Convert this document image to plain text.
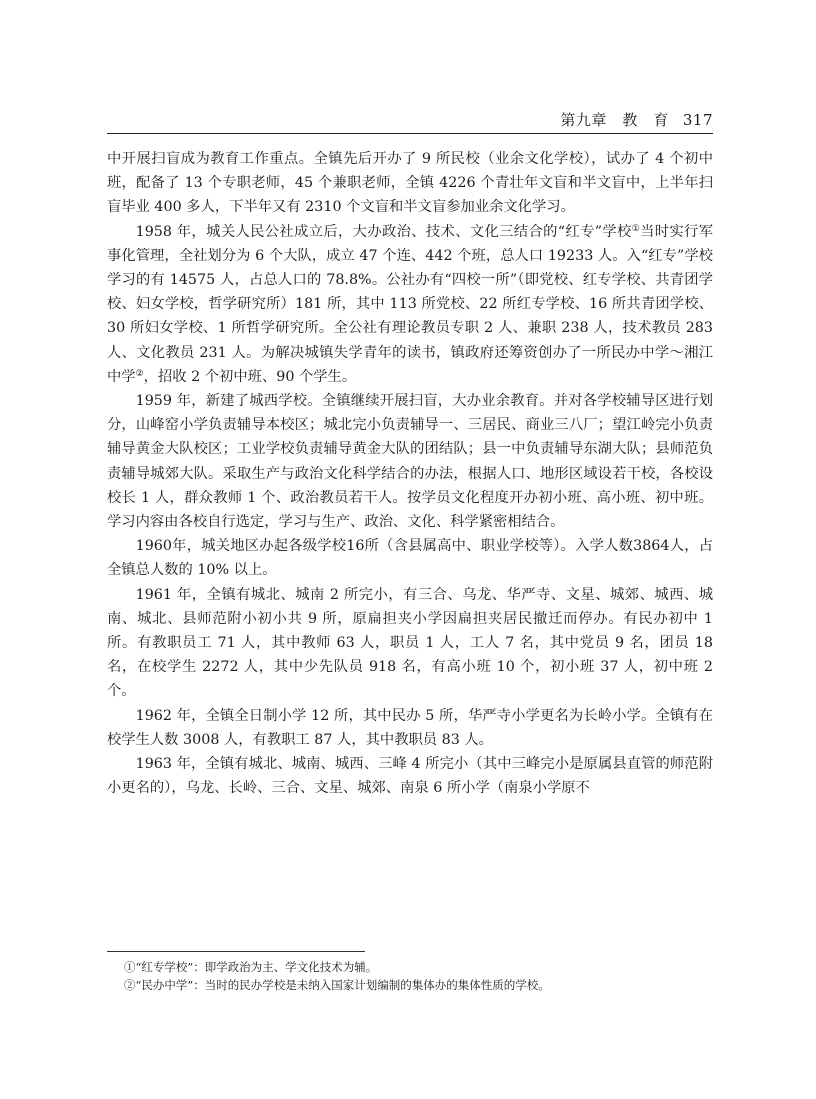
第九章　 教　育 317

中开展扫盲成为教育工作重点。全镇先后开办了 9 所民校（业余文化学校），试办了 4 个初中班，配备了 13 个专职老师，45 个兼职老师，全镇 4226 个青壮年文盲和半文盲中，上半年扫盲毕业 400 多人，下半年又有 2310 个文盲和半文盲参加业余文化学习。

1958 年，城关人民公社成立后，大办政治、技术、文化三结合的“红专”学校①当时实行军事化管理，全社划分为 6 个大队，成立 47 个连、442 个班，总人口 19233 人。入“红专”学校学习的有 14575 人，占总人口的 78.8%。公社办有“四校一所”（即党校、红专学校、共青团学校、妇女学校，哲学研究所）181 所，其中 113 所党校、22 所红专学校、16 所共青团学校、30 所妇女学校、1 所哲学研究所。全公社有理论教员专职 2 人、兼职 238 人，技术教员 283 人、文化教员 231 人。为解决城镇失学青年的读书，镇政府还筹资创办了一所民办中学～湘江中学②，招收 2 个初中班、90 个学生。

1959 年，新建了城西学校。全镇继续开展扫盲，大办业余教育。并对各学校辅导区进行划分，山峰窑小学负责辅导本校区；城北完小负责辅导一、三居民、商业三八厂；望江岭完小负责辅导黄金大队校区；工业学校负责辅导黄金大队的团结队；县一中负责辅导东湖大队；县师范负责辅导城郊大队。采取生产与政治文化科学结合的办法，根据人口、地形区域设若干校，各校设校长 1 人，群众教师 1 个、政治教员若干人。按学员文化程度开办初小班、高小班、初中班。学习内容由各校自行选定，学习与生产、政治、文化、科学紧密相结合。

1960年，城关地区办起各级学校16所（含县属高中、职业学校等）。入学人数3864人，占全镇总人数的 10% 以上。

1961 年，全镇有城北、城南 2 所完小，有三合、乌龙、华严寺、文星、城郊、城西、城南、城北、县师范附小初小共 9 所，原扁担夹小学因扁担夹居民撤迁而停办。有民办初中 1 所。有教职员工 71 人，其中教师 63 人，职员 1 人，工人 7 名，其中党员 9 名，团员 18 名，在校学生 2272 人，其中少先队员 918 名，有高小班 10 个，初小班 37 人，初中班 2 个。

1962 年，全镇全日制小学 12 所，其中民办 5 所，华严寺小学更名为长岭小学。全镇有在校学生人数 3008 人，有教职工 87 人，其中教职员 83 人。

1963 年，全镇有城北、城南、城西、三峰 4 所完小（其中三峰完小是原属县直管的师范附小更名的），乌龙、长岭、三合、文星、城郊、南泉 6 所小学（南泉小学原不

①“红专学校”：即学政治为主、学文化技术为辅。
②“民办中学”：当时的民办学校是未纳入国家计划编制的集体办的集体性质的学校。
